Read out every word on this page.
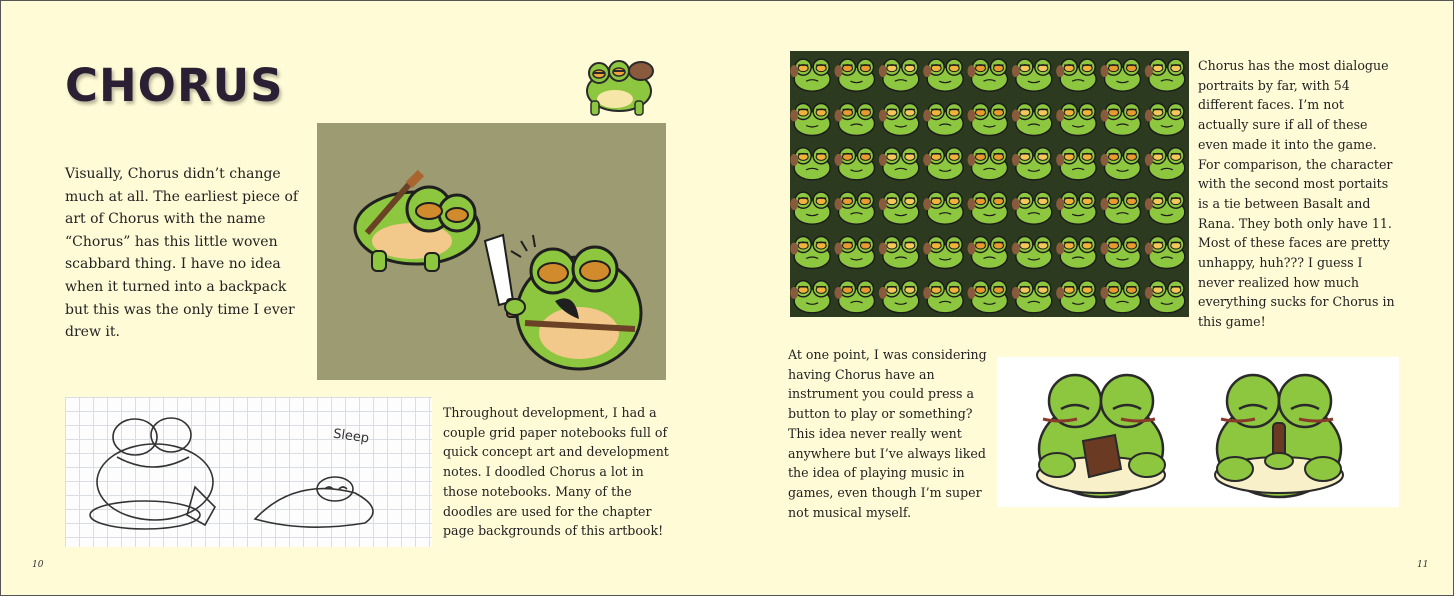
CHORUS

Visually, Chorus didn’t change much at all. The earliest piece of art of Chorus with the name “Chorus” has this little woven scabbard thing. I have no idea when it turned into a backpack but this was the only time I ever drew it.

Sleep

Throughout development, I had a couple grid paper notebooks full of quick concept art and development notes. I doodled Chorus a lot in those notebooks. Many of the doodles are used for the chapter page backgrounds of this artbook!

10

Chorus has the most dialogue portraits by far, with 54 different faces. I’m not actually sure if all of these even made it into the game. For comparison, the character with the second most portaits is a tie between Basalt and Rana. They both only have 11. Most of these faces are pretty unhappy, huh??? I guess I never realized how much everything sucks for Chorus in this game!

At one point, I was considering having Chorus have an instrument you could press a button to play or something? This idea never really went anywhere but I’ve always liked the idea of playing music in games, even though I’m super not musical myself.

11
